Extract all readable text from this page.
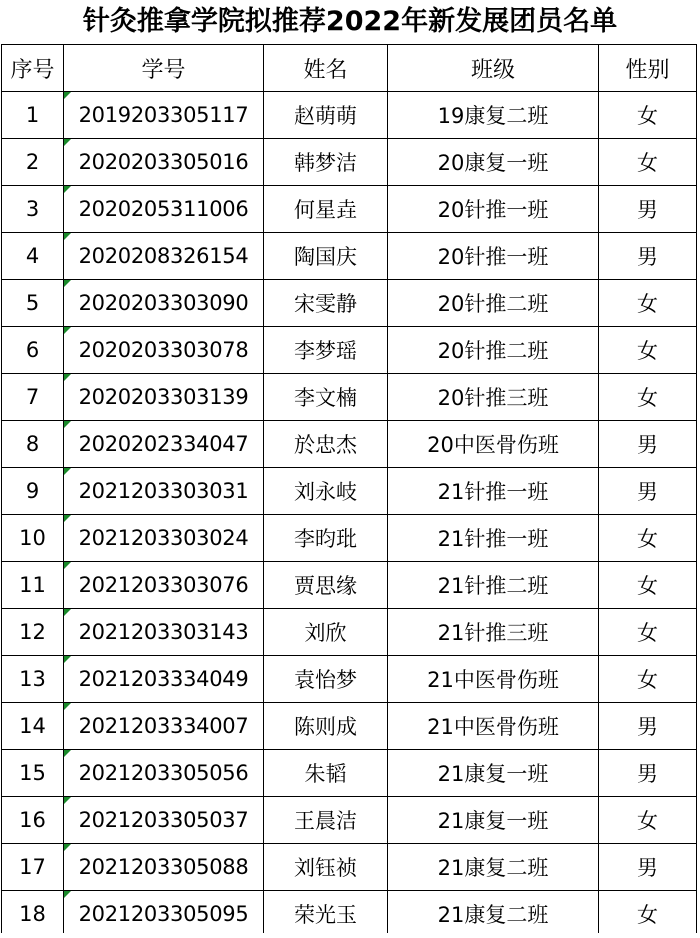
针灸推拿学院拟推荐2022年新发展团员名单
序号	学号	姓名	班级	性别
1	2019203305117	赵萌萌	19康复二班	女
2	2020203305016	韩梦洁	20康复一班	女
3	2020205311006	何星垚	20针推一班	男
4	2020208326154	陶国庆	20针推一班	男
5	2020203303090	宋雯静	20针推二班	女
6	2020203303078	李梦瑶	20针推二班	女
7	2020203303139	李文楠	20针推三班	女
8	2020202334047	於忠杰	20中医骨伤班	男
9	2021203303031	刘永岐	21针推一班	男
10	2021203303024	李昀玭	21针推一班	女
11	2021203303076	贾思缘	21针推二班	女
12	2021203303143	刘欣	21针推三班	女
13	2021203334049	袁怡梦	21中医骨伤班	女
14	2021203334007	陈则成	21中医骨伤班	男
15	2021203305056	朱韬	21康复一班	男
16	2021203305037	王晨洁	21康复一班	女
17	2021203305088	刘钰祯	21康复二班	男
18	2021203305095	荣光玉	21康复二班	女
